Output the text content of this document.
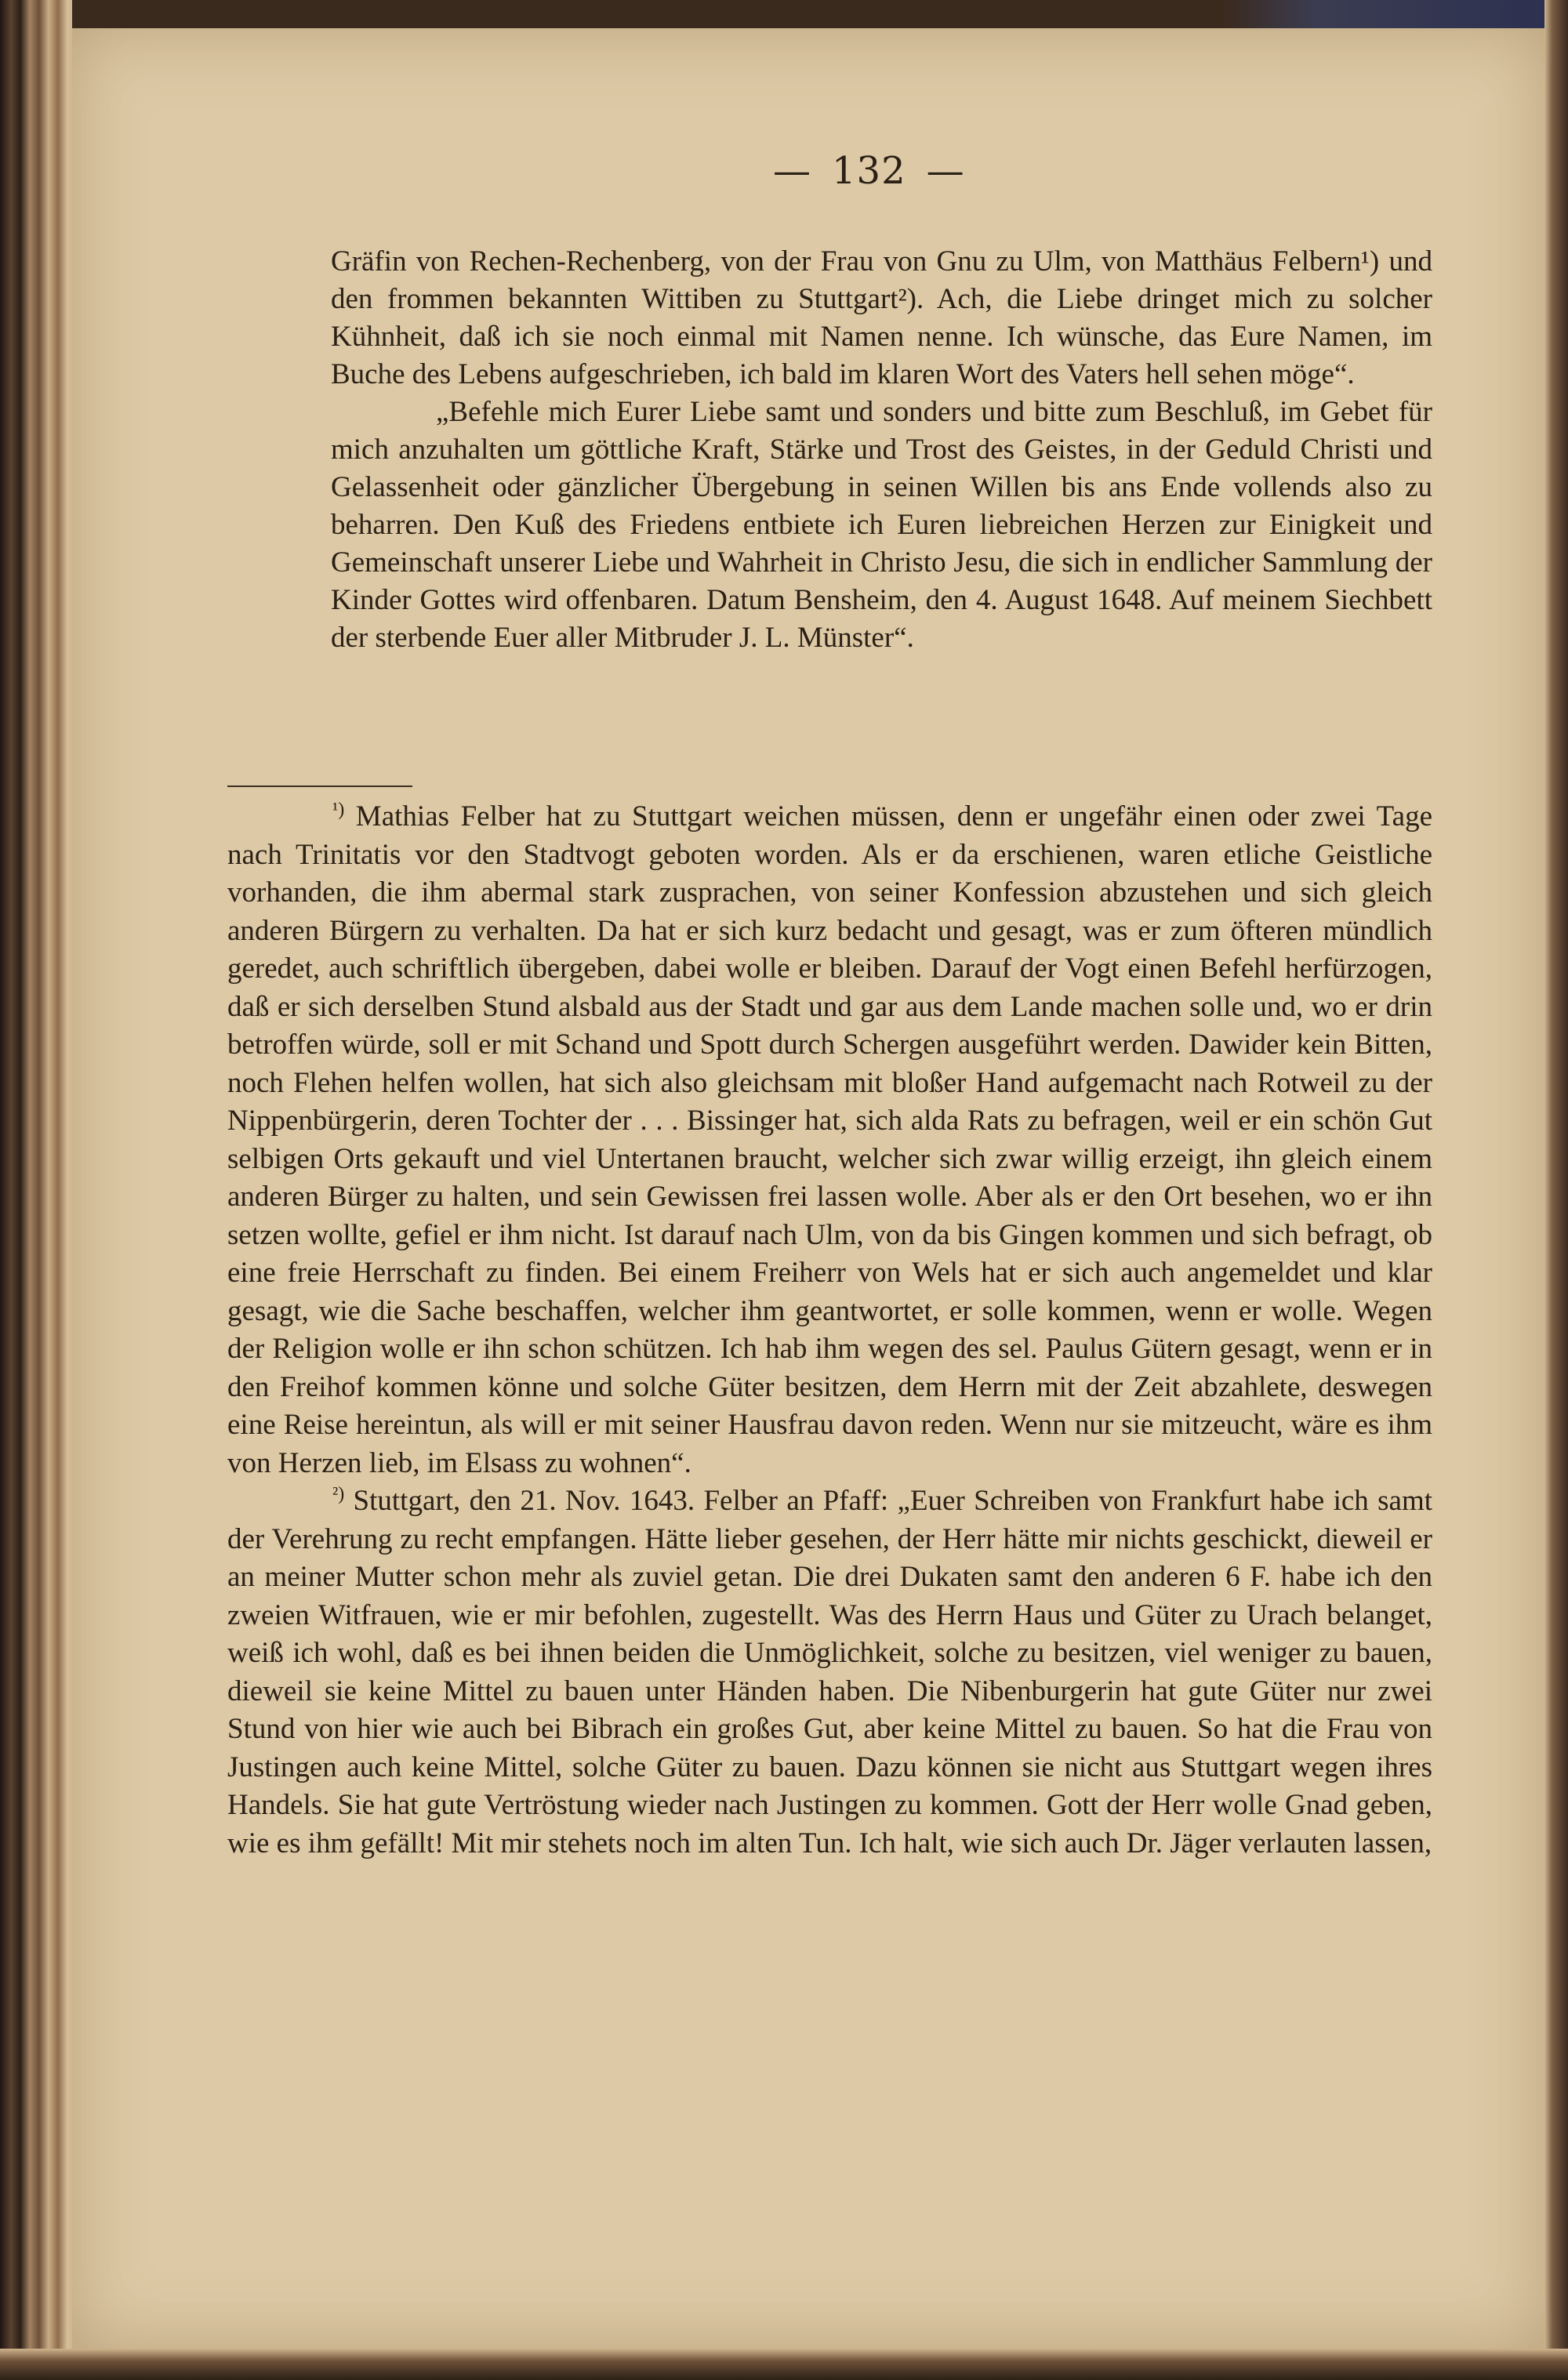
— 132 —

Gräfin von Rechen-Rechenberg, von der Frau von Gnu zu Ulm, von Matthäus Felbern¹) und den frommen bekannten Wittiben zu Stuttgart²). Ach, die Liebe dringet mich zu solcher Kühnheit, daß ich sie noch einmal mit Namen nenne. Ich wünsche, das Eure Namen, im Buche des Lebens aufgeschrieben, ich bald im klaren Wort des Vaters hell sehen möge“.

„Befehle mich Eurer Liebe samt und sonders und bitte zum Beschluß, im Gebet für mich anzuhalten um göttliche Kraft, Stärke und Trost des Geistes, in der Geduld Christi und Gelassenheit oder gänzlicher Übergebung in seinen Willen bis ans Ende vollends also zu beharren. Den Kuß des Friedens entbiete ich Euren liebreichen Herzen zur Einigkeit und Gemeinschaft unserer Liebe und Wahrheit in Christo Jesu, die sich in endlicher Sammlung der Kinder Gottes wird offenbaren. Datum Bensheim, den 4. August 1648. Auf meinem Siechbett der sterbende Euer aller Mitbruder J. L. Münster“.

$^{^1)}$ Mathias Felber hat zu Stuttgart weichen müssen, denn er ungefähr einen oder zwei Tage nach Trinitatis vor den Stadtvogt geboten worden. Als er da erschienen, waren etliche Geistliche vorhanden, die ihm abermal stark zusprachen, von seiner Konfession abzustehen und sich gleich anderen Bürgern zu verhalten. Da hat er sich kurz bedacht und gesagt, was er zum öfteren mündlich geredet, auch schriftlich übergeben, dabei wolle er bleiben. Darauf der Vogt einen Befehl herfürzogen, daß er sich derselben Stund alsbald aus der Stadt und gar aus dem Lande machen solle und, wo er drin betroffen würde, soll er mit Schand und Spott durch Schergen ausgeführt werden. Dawider kein Bitten, noch Flehen helfen wollen, hat sich also gleichsam mit bloßer Hand aufgemacht nach Rotweil zu der Nippenbürgerin, deren Tochter der . . . Bissinger hat, sich alda Rats zu befragen, weil er ein schön Gut selbigen Orts gekauft und viel Untertanen braucht, welcher sich zwar willig erzeigt, ihn gleich einem anderen Bürger zu halten, und sein Gewissen frei lassen wolle. Aber als er den Ort besehen, wo er ihn setzen wollte, gefiel er ihm nicht. Ist darauf nach Ulm, von da bis Gingen kommen und sich befragt, ob eine freie Herrschaft zu finden. Bei einem Freiherr von Wels hat er sich auch angemeldet und klar gesagt, wie die Sache beschaffen, welcher ihm geantwortet, er solle kommen, wenn er wolle. Wegen der Religion wolle er ihn schon schützen. Ich hab ihm wegen des sel. Paulus Gütern gesagt, wenn er in den Freihof kommen könne und solche Güter besitzen, dem Herrn mit der Zeit abzahlete, deswegen eine Reise hereintun, als will er mit seiner Hausfrau davon reden. Wenn nur sie mitzeucht, wäre es ihm von Herzen lieb, im Elsass zu wohnen“.

$^{^2)}$ Stuttgart, den 21. Nov. 1643. Felber an Pfaff: „Euer Schreiben von Frankfurt habe ich samt der Verehrung zu recht empfangen. Hätte lieber gesehen, der Herr hätte mir nichts geschickt, dieweil er an meiner Mutter schon mehr als zuviel getan. Die drei Dukaten samt den anderen 6 F. habe ich den zweien Witfrauen, wie er mir befohlen, zugestellt. Was des Herrn Haus und Güter zu Urach belanget, weiß ich wohl, daß es bei ihnen beiden die Unmöglichkeit, solche zu besitzen, viel weniger zu bauen, dieweil sie keine Mittel zu bauen unter Händen haben. Die Nibenburgerin hat gute Güter nur zwei Stund von hier wie auch bei Bibrach ein großes Gut, aber keine Mittel zu bauen. So hat die Frau von Justingen auch keine Mittel, solche Güter zu bauen. Dazu können sie nicht aus Stuttgart wegen ihres Handels. Sie hat gute Vertröstung wieder nach Justingen zu kommen. Gott der Herr wolle Gnad geben, wie es ihm gefällt! Mit mir stehets noch im alten Tun. Ich halt, wie sich auch Dr. Jäger verlauten lassen,
